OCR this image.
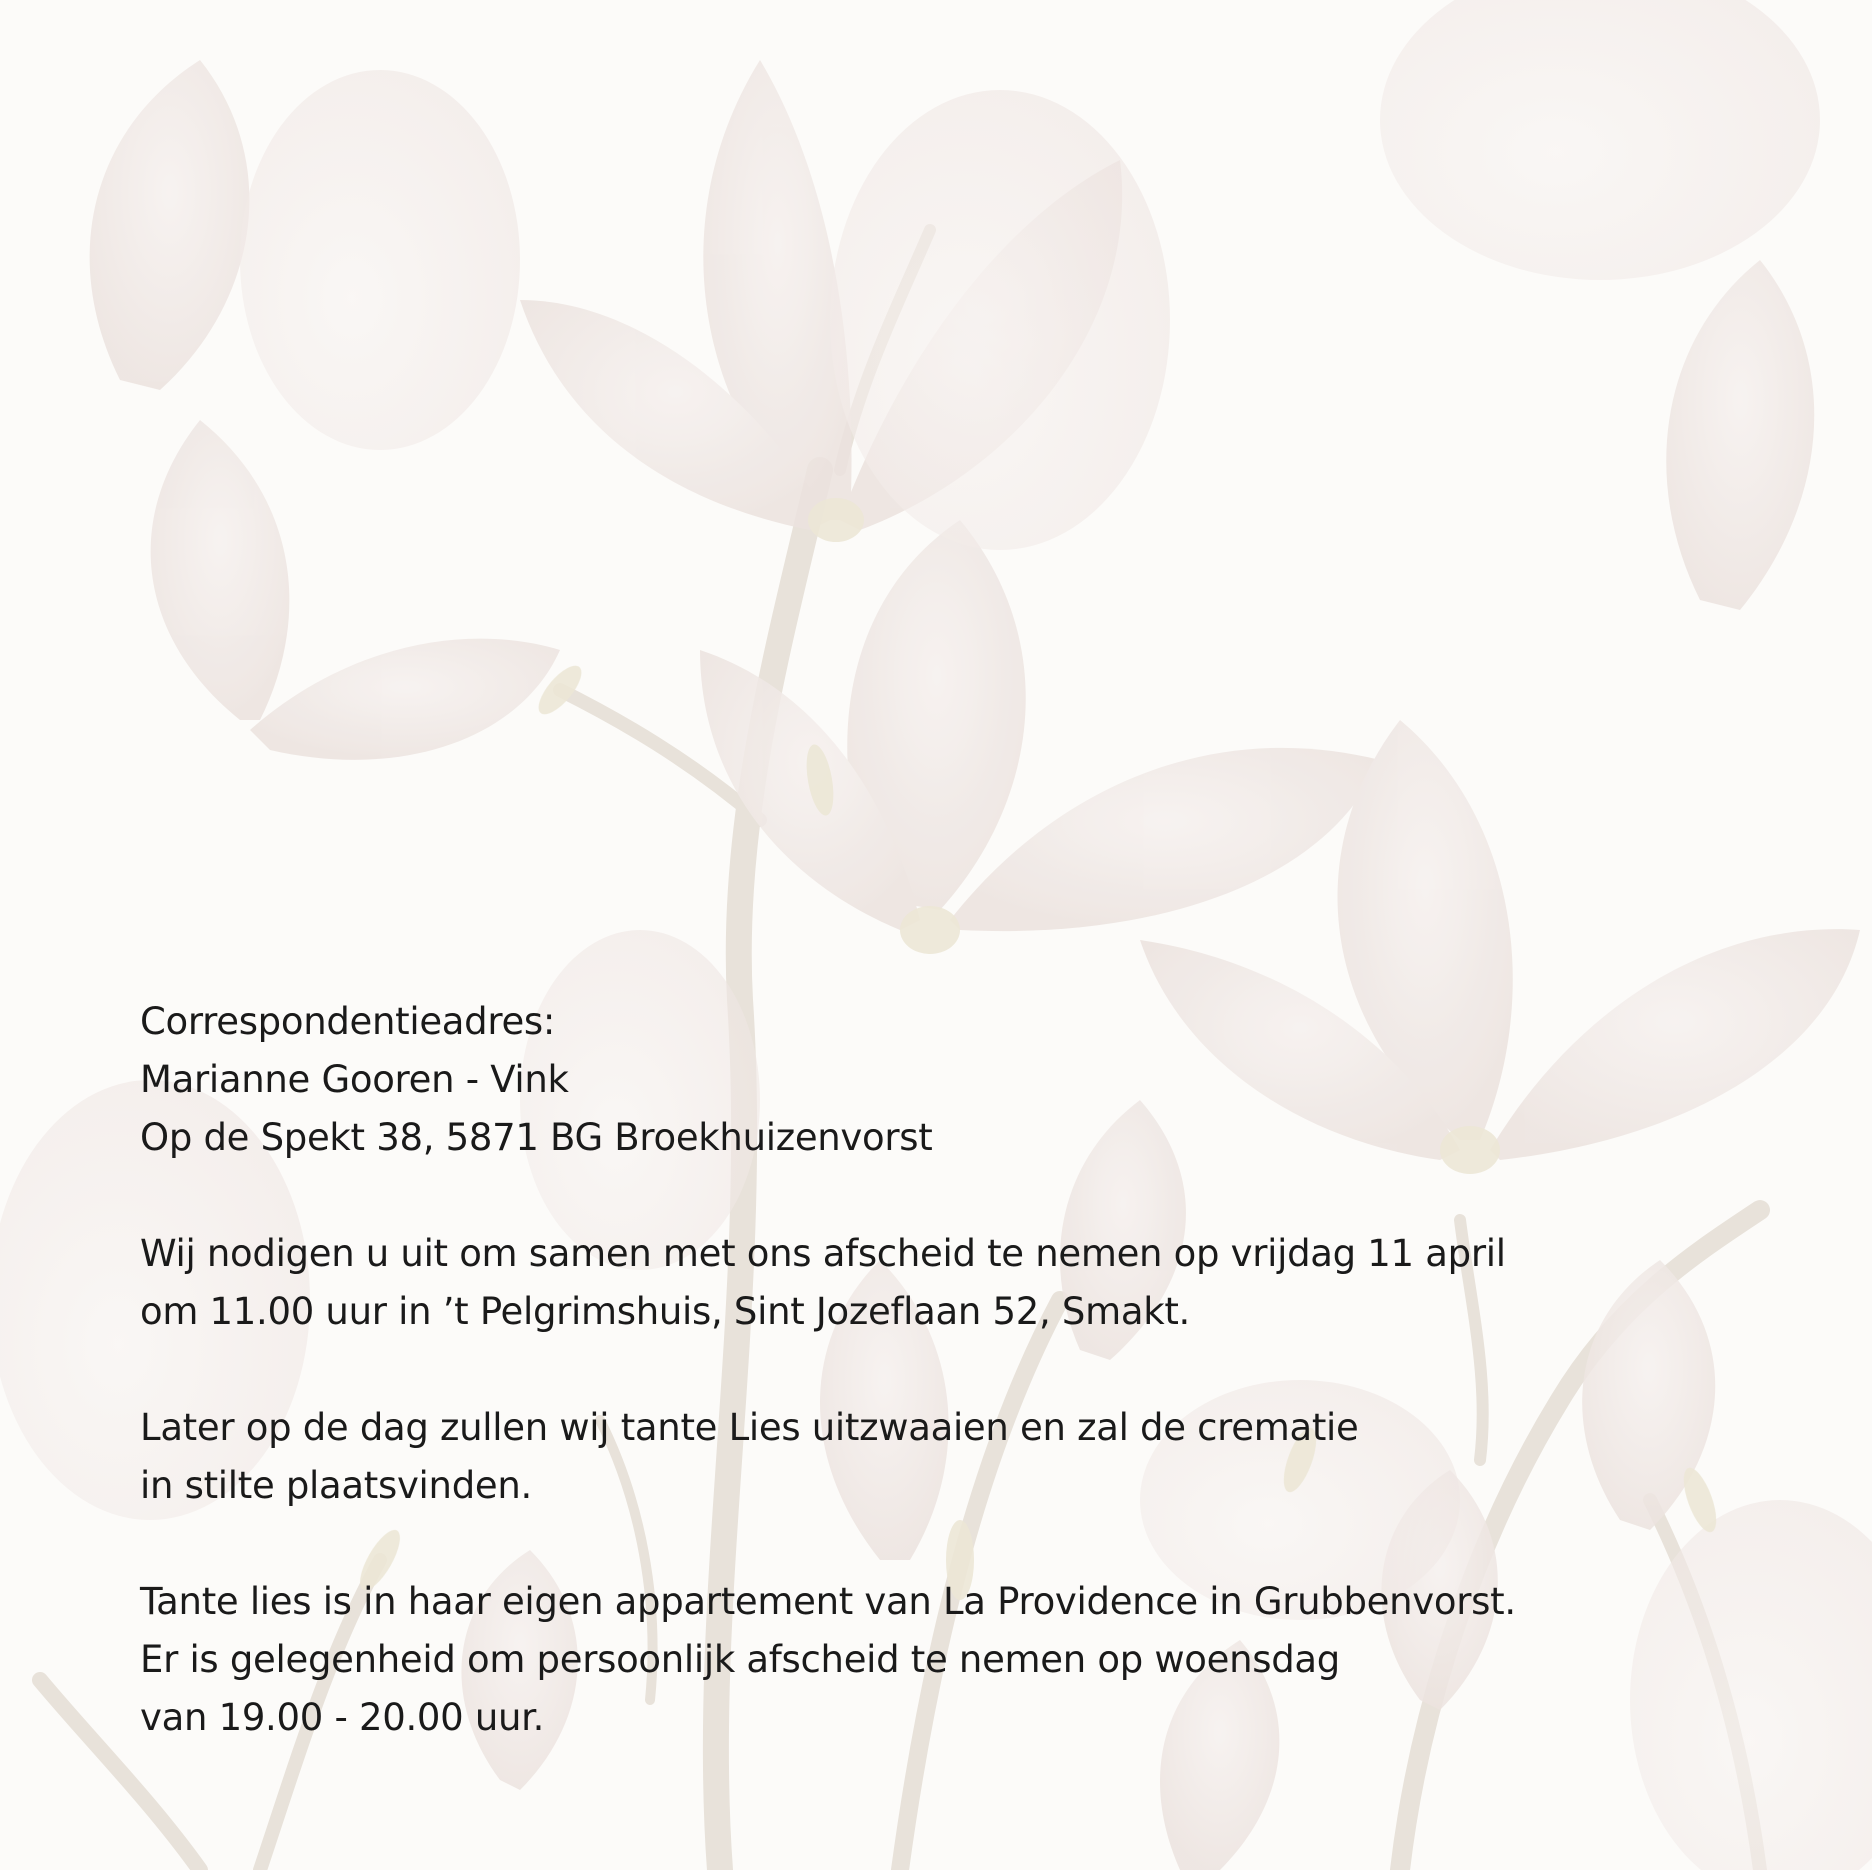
Correspondentieadres:
Marianne Gooren - Vink
Op de Spekt 38, 5871 BG Broekhuizenvorst
Wij nodigen u uit om samen met ons afscheid te nemen op vrijdag 11 april
om 11.00 uur in ’t Pelgrimshuis, Sint Jozeflaan 52, Smakt.
Later op de dag zullen wij tante Lies uitzwaaien en zal de crematie
in stilte plaatsvinden.
Tante lies is in haar eigen appartement van La Providence in Grubbenvorst.
Er is gelegenheid om persoonlijk afscheid te nemen op woensdag
van 19.00 - 20.00 uur.
